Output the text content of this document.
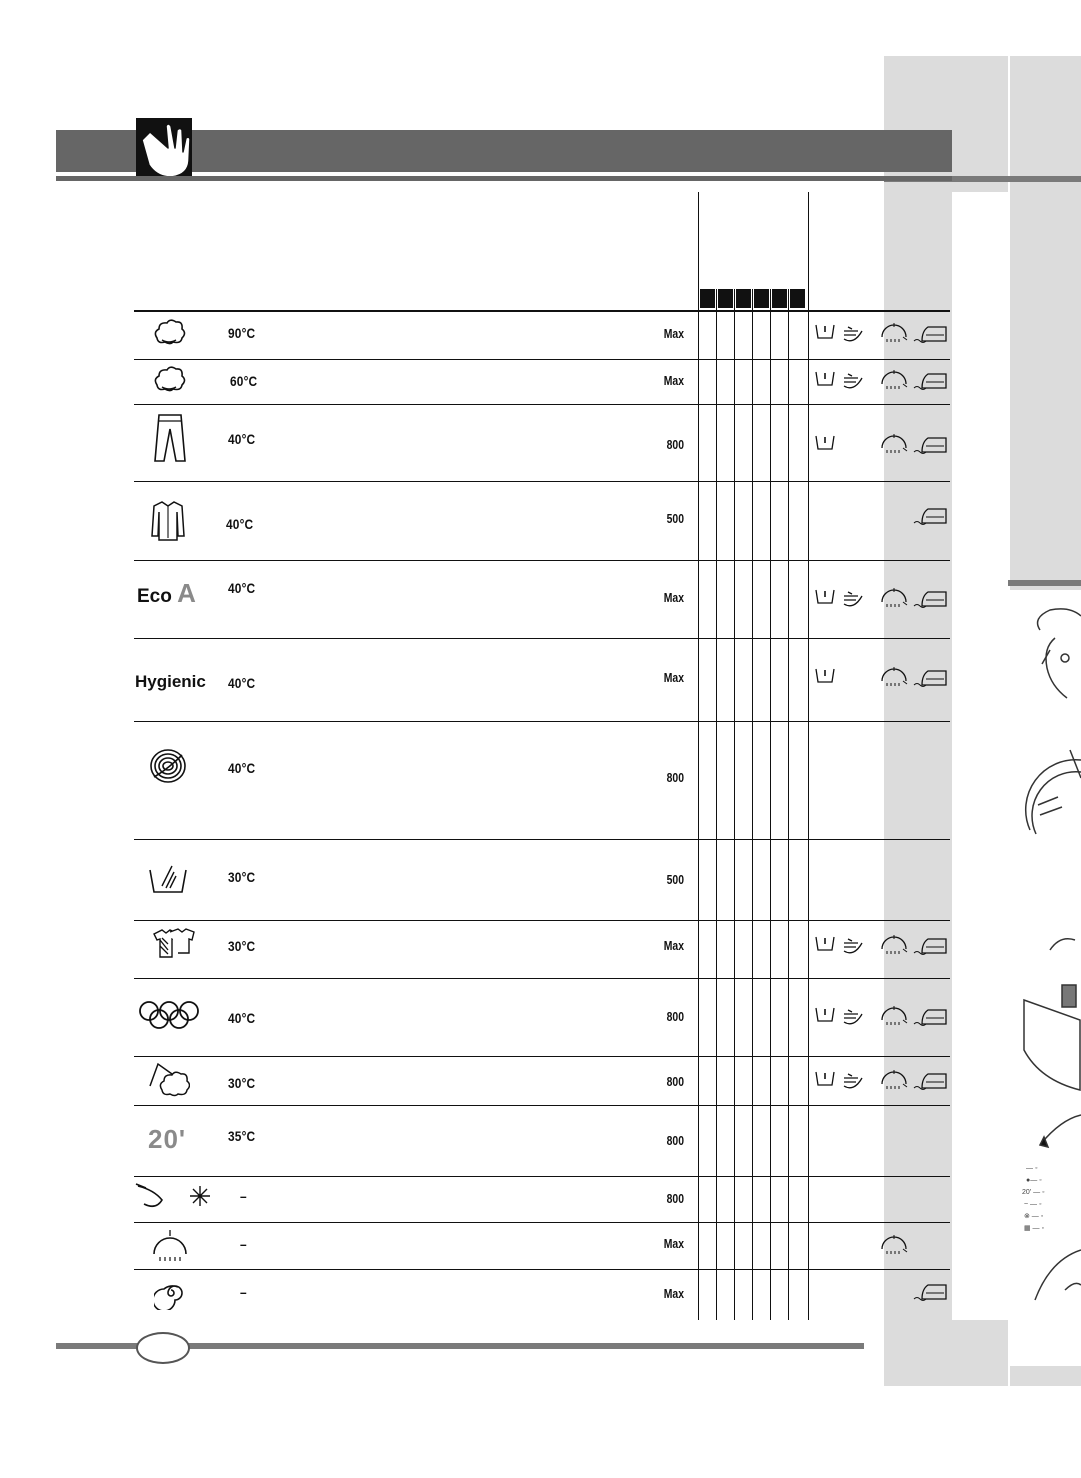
— ◦
●— ◦
20' — ◦
~ — ◦
⊗ — ◦
▦ — ◦
Eco A
Hygienic
20'
90°C
60°C
40°C
40°C
40°C
40°C
40°C
30°C
30°C
40°C
30°C
35°C
–
–
–
Max
Max
800
500
Max
Max
800
500
Max
800
800
800
800
Max
Max
